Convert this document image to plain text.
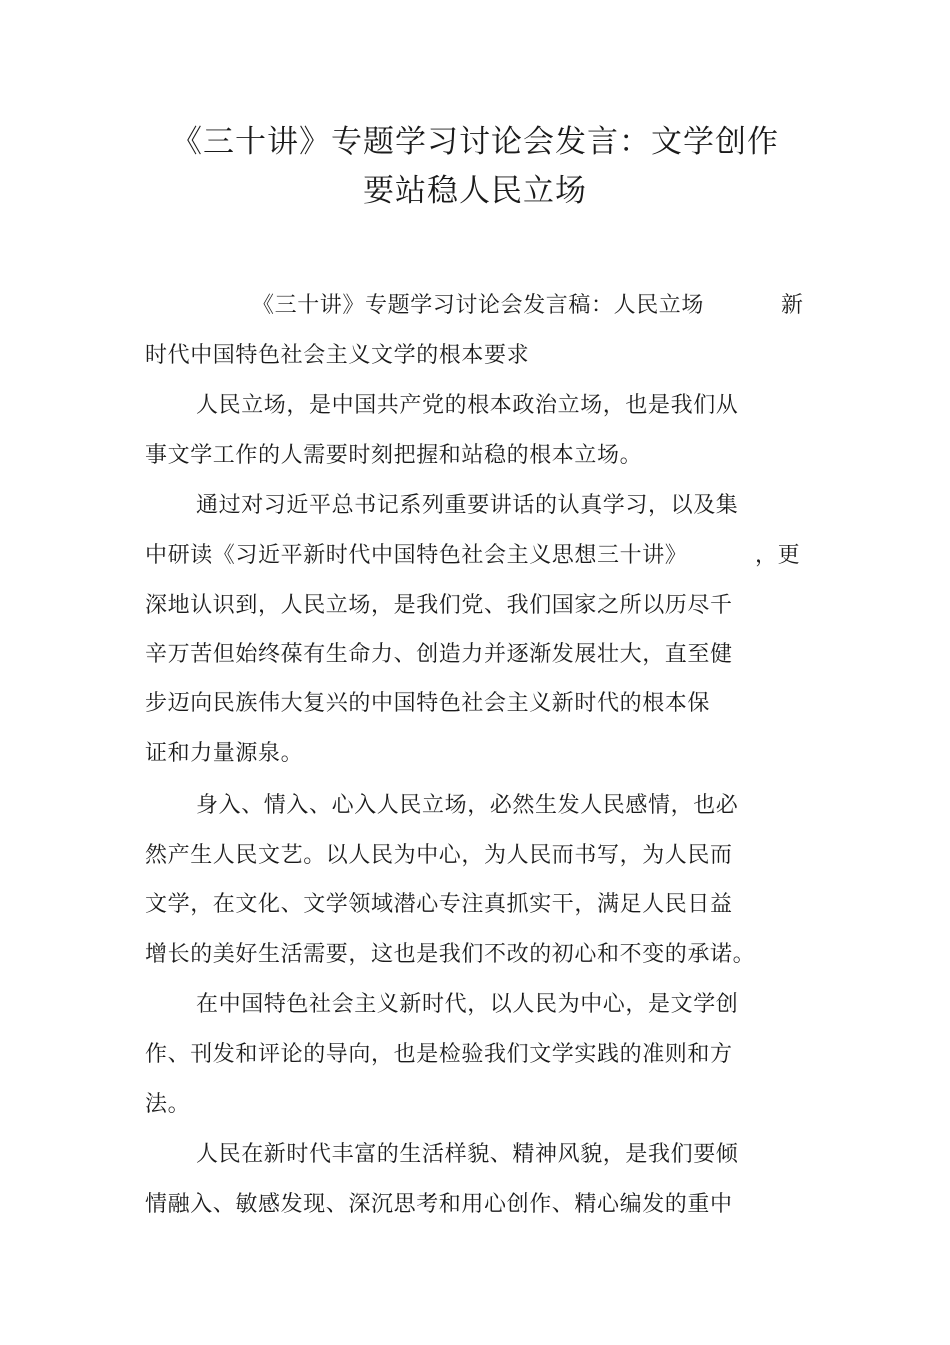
《三十讲》专题学习讨论会发言：文学创作
要站稳人民立场

《三十讲》专题学习讨论会发言稿：人民立场	新

时代中国特色社会主义文学的根本要求

人民立场，是中国共产党的根本政治立场，也是我们从

事文学工作的人需要时刻把握和站稳的根本立场。

通过对习近平总书记系列重要讲话的认真学习，以及集

中研读《习近平新时代中国特色社会主义思想三十讲》	，更

深地认识到，人民立场，是我们党、我们国家之所以历尽千

辛万苦但始终葆有生命力、创造力并逐渐发展壮大，直至健

步迈向民族伟大复兴的中国特色社会主义新时代的根本保

证和力量源泉。

身入、情入、心入人民立场，必然生发人民感情，也必

然产生人民文艺。以人民为中心，为人民而书写，为人民而

文学，在文化、文学领域潜心专注真抓实干，满足人民日益

增长的美好生活需要，这也是我们不改的初心和不变的承诺。

在中国特色社会主义新时代，以人民为中心，是文学创

作、刊发和评论的导向，也是检验我们文学实践的准则和方

法。

人民在新时代丰富的生活样貌、精神风貌，是我们要倾

情融入、敏感发现、深沉思考和用心创作、精心编发的重中
